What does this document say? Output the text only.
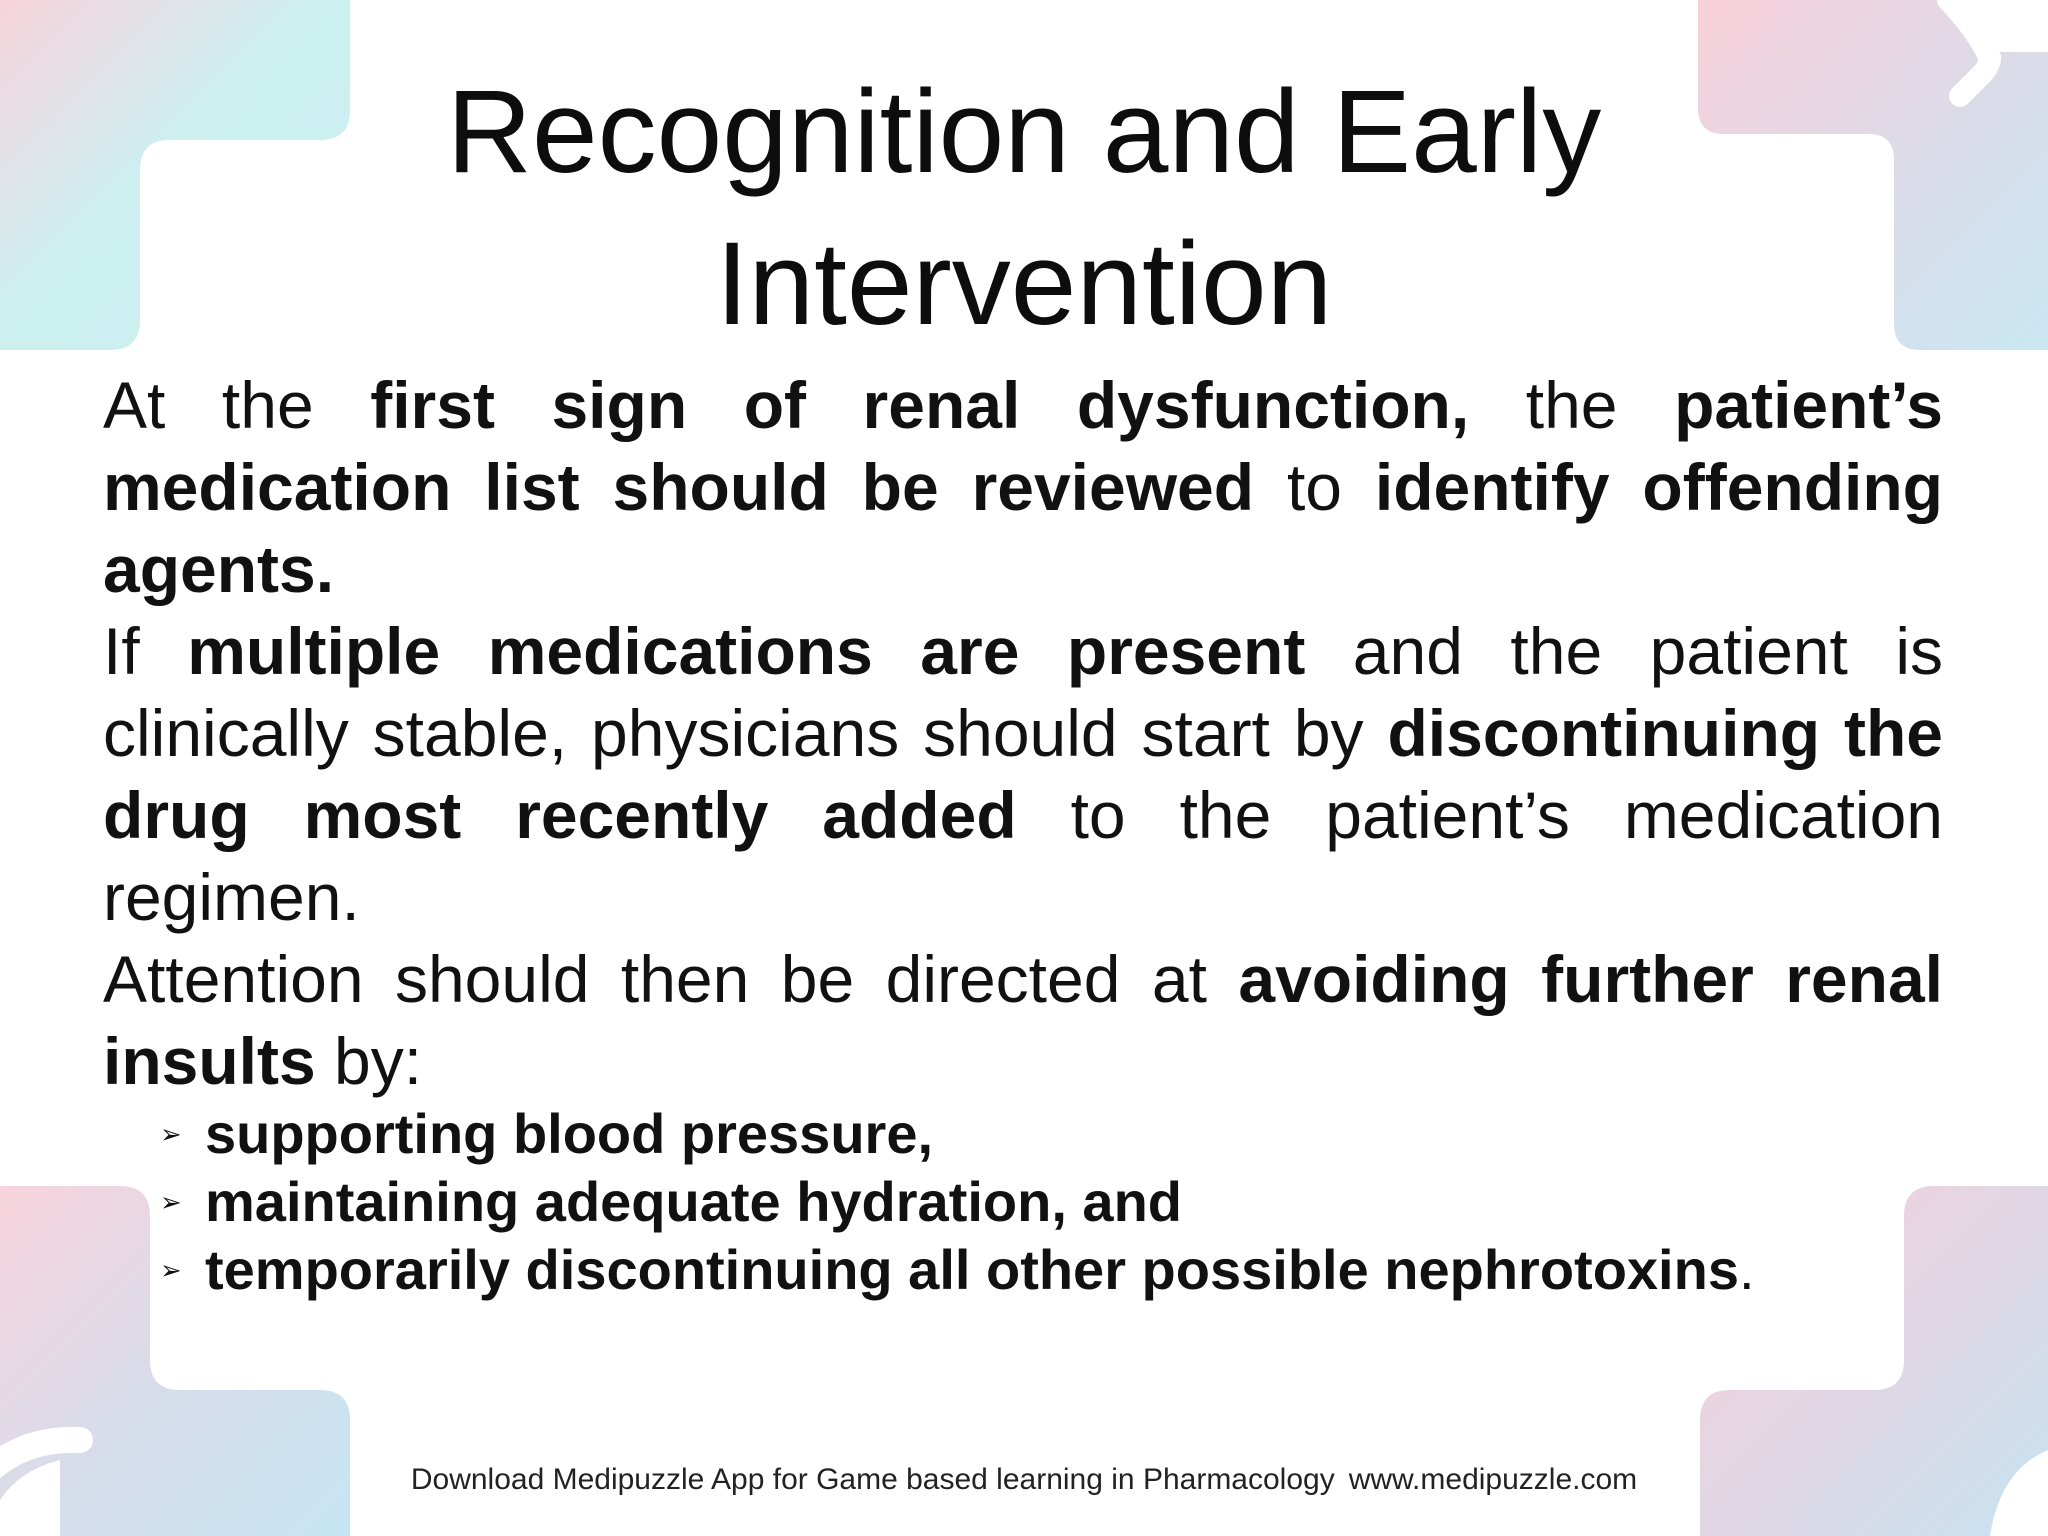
Recognition and Early
Intervention

At the first sign of renal dysfunction, the patient’s medication list should be reviewed to identify offending agents.

If multiple medications are present and the patient is clinically stable, physicians should start by discontinuing the drug most recently added to the patient’s medication regimen.

Attention should then be directed at avoiding further renal insults by:

➢ supporting blood pressure,
➢ maintaining adequate hydration, and
➢ temporarily discontinuing all other possible nephrotoxins.
Download Medipuzzle App for Game based learning in Pharmacology www.medipuzzle.com
